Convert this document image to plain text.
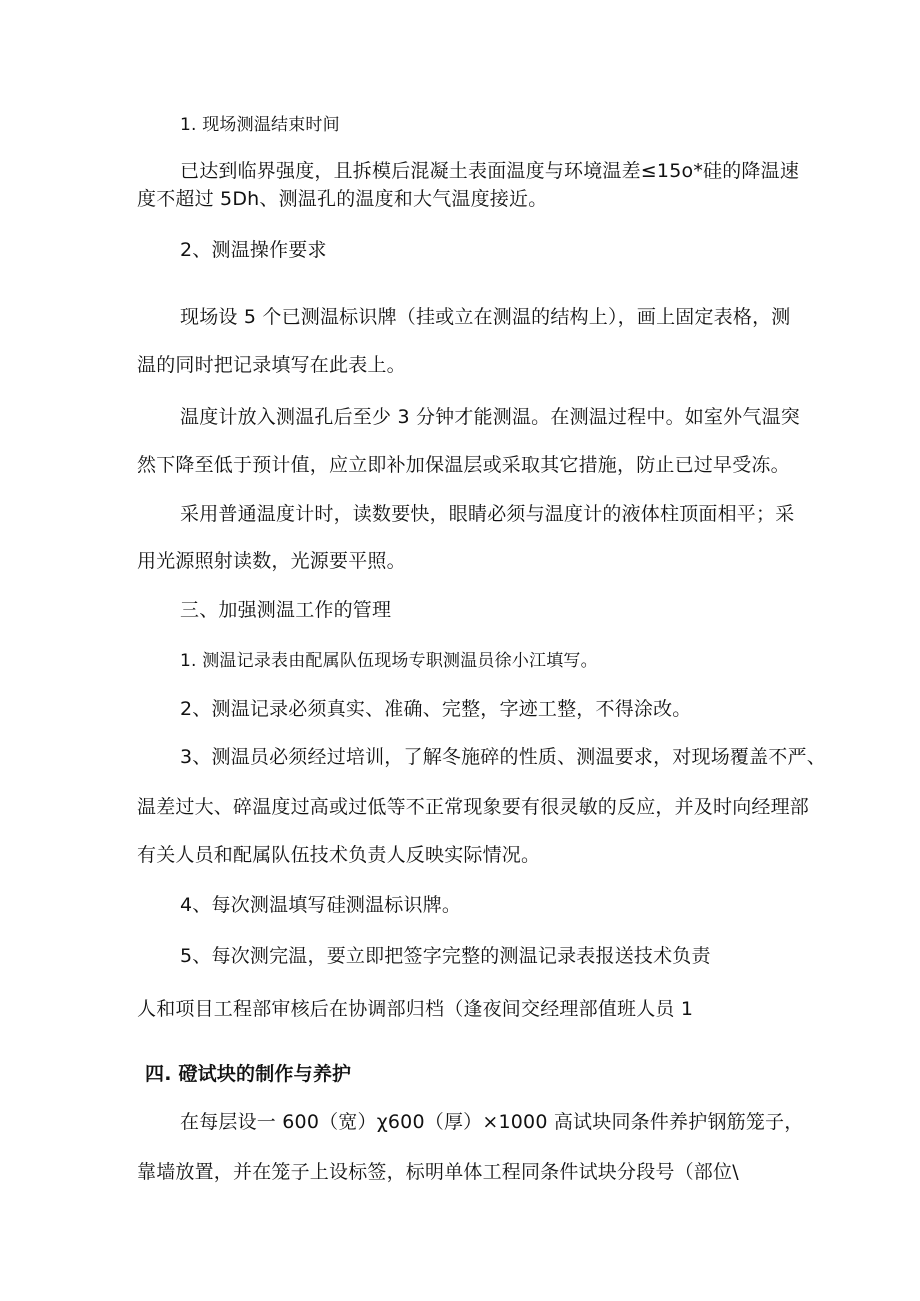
1. 现场测温结束时间
已达到临界强度，且拆模后混凝土表面温度与环境温差≤15o*硅的降温速
度不超过 5Dh、测温孔的温度和大气温度接近。
2、测温操作要求
现场设 5 个已测温标识牌（挂或立在测温的结构上），画上固定表格，测
温的同时把记录填写在此表上。
温度计放入测温孔后至少 3 分钟才能测温。在测温过程中。如室外气温突
然下降至低于预计值，应立即补加保温层或采取其它措施，防止已过早受冻。
采用普通温度计时，读数要快，眼睛必须与温度计的液体柱顶面相平；采
用光源照射读数，光源要平照。
三、加强测温工作的管理
1. 测温记录表由配属队伍现场专职测温员徐小江填写。
2、测温记录必须真实、准确、完整，字迹工整，不得涂改。
3、测温员必须经过培训，了解冬施碎的性质、测温要求，对现场覆盖不严、
温差过大、碎温度过高或过低等不正常现象要有很灵敏的反应，并及时向经理部
有关人员和配属队伍技术负责人反映实际情况。
4、每次测温填写硅测温标识牌。
5、每次测完温，要立即把签字完整的测温记录表报送技术负责
人和项目工程部审核后在协调部归档（逢夜间交经理部值班人员 1
四. 磴试块的制作与养护
在每层设一 600（宽）χ600（厚）×1000 高试块同条件养护钢筋笼子，
靠墙放置，并在笼子上设标签，标明单体工程同条件试块分段号（部位\
